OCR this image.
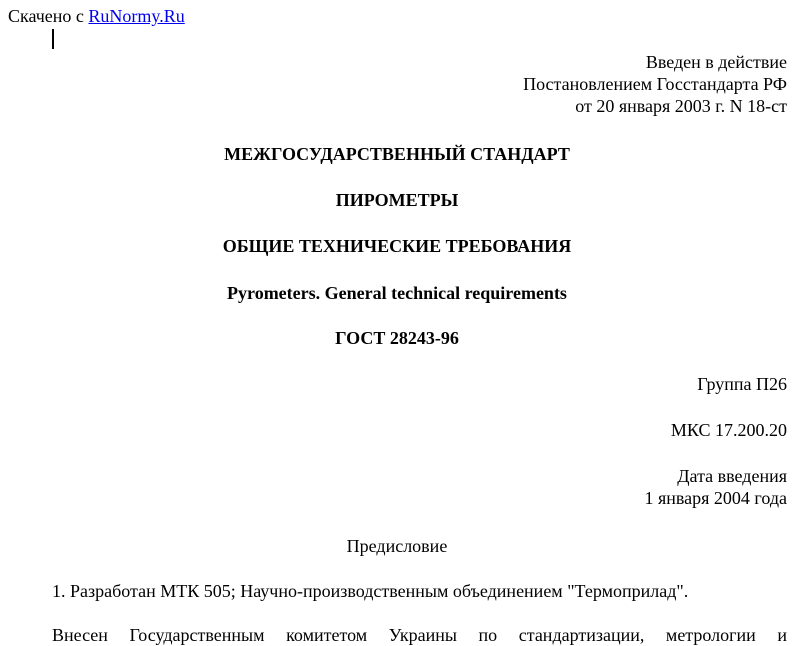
Скачено с RuNormy.Ru
Введен в действие
Постановлением Госстандарта РФ
от 20 января 2003 г. N 18-ст
МЕЖГОСУДАРСТВЕННЫЙ СТАНДАРТ
ПИРОМЕТРЫ
ОБЩИЕ ТЕХНИЧЕСКИЕ ТРЕБОВАНИЯ
Pyrometers. General technical requirements
ГОСТ 28243-96
Группа П26
МКС 17.200.20
Дата введения
1 января 2004 года
Предисловие
1. Разработан МТК 505; Научно-производственным объединением "Термоприлад".
Внесен Государственным комитетом Украины по стандартизации, метрологии и
